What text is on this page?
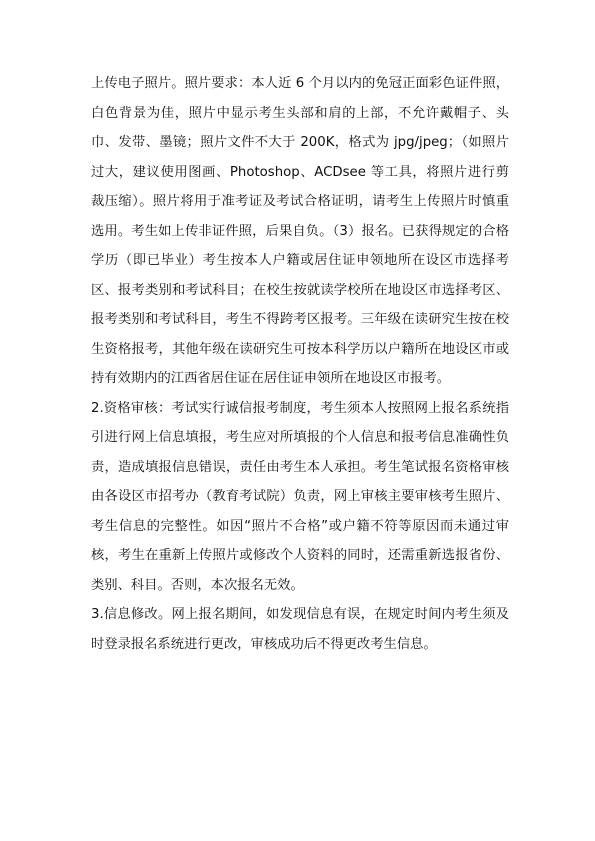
上传电子照片。照片要求：本人近 6 个月以内的免冠正面彩色证件照，白色背景为佳，照片中显示考生头部和肩的上部，不允许戴帽子、头巾、发带、墨镜；照片文件不大于 200K，格式为 jpg/jpeg；（如照片过大，建议使用图画、Photoshop、ACDsee 等工具，将照片进行剪裁压缩）。照片将用于准考证及考试合格证明，请考生上传照片时慎重选用。考生如上传非证件照，后果自负。（3）报名。已获得规定的合格学历（即已毕业）考生按本人户籍或居住证申领地所在设区市选择考区、报考类别和考试科目；在校生按就读学校所在地设区市选择考区、报考类别和考试科目，考生不得跨考区报考。三年级在读研究生按在校生资格报考，其他年级在读研究生可按本科学历以户籍所在地设区市或持有效期内的江西省居住证在居住证申领所在地设区市报考。

2.资格审核：考试实行诚信报考制度，考生须本人按照网上报名系统指引进行网上信息填报，考生应对所填报的个人信息和报考信息准确性负责，造成填报信息错误，责任由考生本人承担。考生笔试报名资格审核由各设区市招考办（教育考试院）负责，网上审核主要审核考生照片、考生信息的完整性。如因“照片不合格”或户籍不符等原因而未通过审核，考生在重新上传照片或修改个人资料的同时，还需重新选报省份、类别、科目。否则，本次报名无效。

3.信息修改。网上报名期间，如发现信息有误，在规定时间内考生须及时登录报名系统进行更改，审核成功后不得更改考生信息。
